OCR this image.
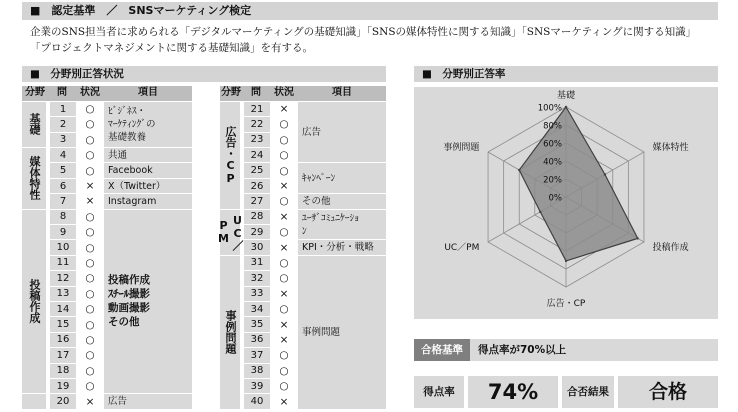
■　認定基準　／　SNSマーケティング検定
企業のSNS担当者に求められる「デジタルマーケティングの基礎知識」「SNSの媒体特性に関する知識」「SNSマーケティングに関する知識」
「プロジェクトマネジメントに関する基礎知識」を有する。
■　分野別正答状況	■　分野別正答率
分野	問	状況	項目
基礎	1	○	ﾋﾞｼﾞﾈｽ・
ﾏｰｹﾃｨﾝｸﾞの
基礎教養
	2	○	
	3	○	
媒体特性	4	○	共通
	5	○	Facebook
	6	×	X（Twitter）
	7	×	Instagram
投稿作成	8	○	投稿作成
ｽﾁｰﾙ撮影
動画撮影
その他
	9	○	
	10	○	
	11	○	
	12	○	
	13	○	
	14	○	
	15	○	
	16	○	
	17	○	
	18	○	
	19	○	
	20	×	広告
分野	問	状況	項目
広告・CP	21	×	広告
	22	○	
	23	○	
	24	○	
	25	○	ｷｬﾝﾍﾟｰﾝ
	26	×	
	27	○	その他
UC／PM	28	×	ﾕｰｻﾞｺﾐｭﾆｹｰｼｮ
ﾝ
	29	○	
	30	×	KPI・分析・戦略
事例問題	31	○	事例問題
	32	○	
	33	×	
	34	○	
	35	×	
	36	×	
	37	○	
	38	○	
	39	○	
	40	×	
0%
20%
40%
60%
80%
100%
基礎
媒体特性
投稿作成
広告・CP
UC／PM
事例問題
合格基準	得点率が70%以上
得点率	74%	合否結果	合格
